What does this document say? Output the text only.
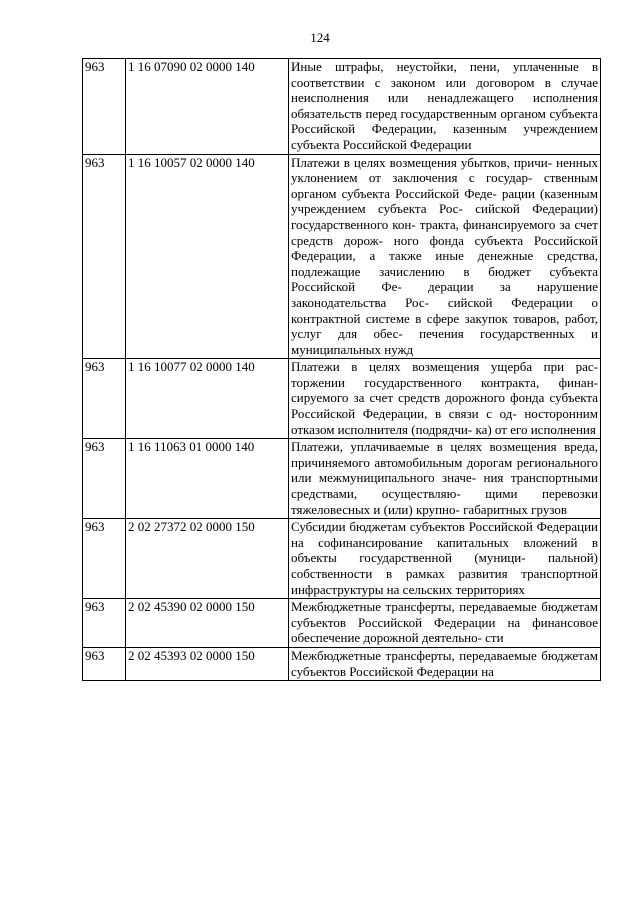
124
963	1 16 07090 02 0000 140	Иные штрафы, неустойки, пени, уплаченные в соответствии с законом или договором в случае неисполнения или ненадлежащего исполнения обязательств перед государственным органом субъекта Российской Федерации, казенным учреждением субъекта Российской Федерации
963	1 16 10057 02 0000 140	Платежи в целях возмещения убытков, причи- ненных уклонением от заключения с государ- ственным органом субъекта Российской Феде- рации (казенным учреждением субъекта Рос- сийской Федерации) государственного кон- тракта, финансируемого за счет средств дорож- ного фонда субъекта Российской Федерации, а также иные денежные средства, подлежащие зачислению в бюджет субъекта Российской Фе- дерации за нарушение законодательства Рос- сийской Федерации о контрактной системе в сфере закупок товаров, работ, услуг для обес- печения государственных и муниципальных нужд
963	1 16 10077 02 0000 140	Платежи в целях возмещения ущерба при рас- торжении государственного контракта, финан- сируемого за счет средств дорожного фонда субъекта Российской Федерации, в связи с од- носторонним отказом исполнителя (подрядчи- ка) от его исполнения
963	1 16 11063 01 0000 140	Платежи, уплачиваемые в целях возмещения вреда, причиняемого автомобильным дорогам регионального или межмуниципального значе- ния транспортными средствами, осуществляю- щими перевозки тяжеловесных и (или) крупно- габаритных грузов
963	2 02 27372 02 0000 150	Субсидии бюджетам субъектов Российской Федерации на софинансирование капитальных вложений в объекты государственной (муници- пальной) собственности в рамках развития транспортной инфраструктуры на сельских территориях
963	2 02 45390 02 0000 150	Межбюджетные трансферты, передаваемые бюджетам субъектов Российской Федерации на финансовое обеспечение дорожной деятельно- сти
963	2 02 45393 02 0000 150	Межбюджетные трансферты, передаваемые бюджетам субъектов Российской Федерации на
